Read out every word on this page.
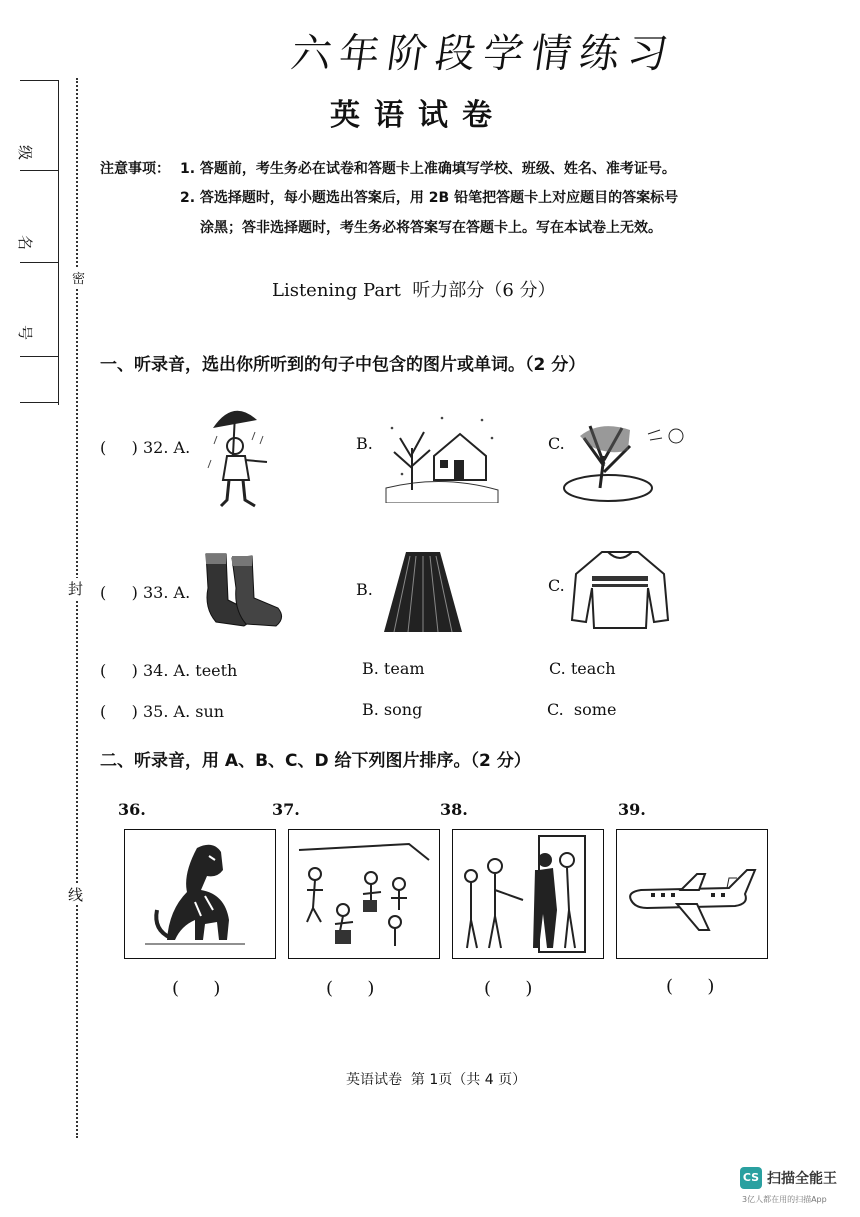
级
名
号
密
封
线
六年阶段学情练习
英语试卷
注意事项： 1. 答题前，考生务必在试卷和答题卡上准确填写学校、班级、姓名、准考证号。
2. 答选择题时，每小题选出答案后，用 2B 铅笔把答题卡上对应题目的答案标号
涂黑；答非选择题时，考生务必将答案写在答题卡上。写在本试卷上无效。
Listening Part  听力部分（6 分）
一、听录音，选出你所听到的句子中包含的图片或单词。（2 分）
(     ) 32. A.	B.	C.
(     ) 33. A.	B.	C.
(     ) 34. A. teeth	B. team	C. teach
(     ) 35. A. sun	B. song	C.  some
二、听录音，用 A、B、C、D 给下列图片排序。（2 分）
36.	37.	38.	39.
(      )	(      )	(      )	(      )
英语试卷  第 1页（共 4 页）
CS 扫描全能王
3亿人都在用的扫描App
